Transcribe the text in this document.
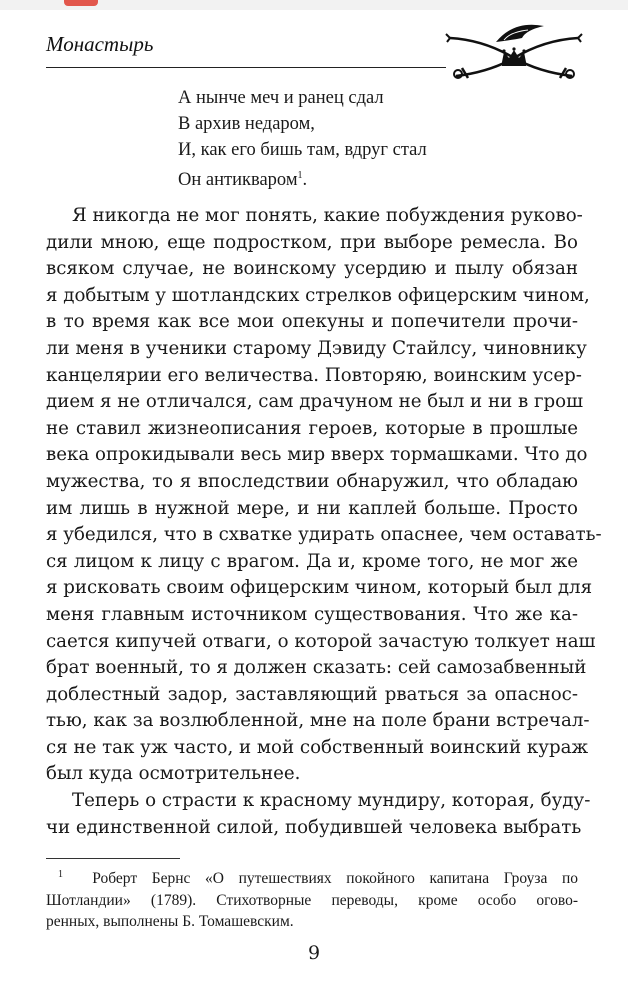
Монастырь
А нынче меч и ранец сдал
В архив недаром,
И, как его бишь там, вдруг стал
Он антикваром$^1$.
Я никогда не мог понять, какие побуждения руково-
дили мною, еще подростком, при выборе ремесла. Во
всяком случае, не воинскому усердию и пылу обязан
я добытым у шотландских стрелков офицерским чином,
в то время как все мои опекуны и попечители прочи-
ли меня в ученики старому Дэвиду Стайлсу, чиновнику
канцелярии его величества. Повторяю, воинским усер-
дием я не отличался, сам драчуном не был и ни в грош
не ставил жизнеописания героев, которые в прошлые
века опрокидывали весь мир вверх тормашками. Что до
мужества, то я впоследствии обнаружил, что обладаю
им лишь в нужной мере, и ни каплей больше. Просто
я убедился, что в схватке удирать опаснее, чем оставать-
ся лицом к лицу с врагом. Да и, кроме того, не мог же
я рисковать своим офицерским чином, который был для
меня главным источником существования. Что же ка-
сается кипучей отваги, о которой зачастую толкует наш
брат военный, то я должен сказать: сей самозабвенный
доблестный задор, заставляющий рваться за опаснос-
тью, как за возлюбленной, мне на поле брани встречал-
ся не так уж часто, и мой собственный воинский кураж
был куда осмотрительнее.
Теперь о страсти к красному мундиру, которая, буду-
чи единственной силой, побудившей человека выбрать
$^1$ Роберт Бернс «О путешествиях покойного капитана Гроуза по
Шотландии» (1789). Стихотворные переводы, кроме особо огово-
ренных, выполнены Б. Томашевским.
9
